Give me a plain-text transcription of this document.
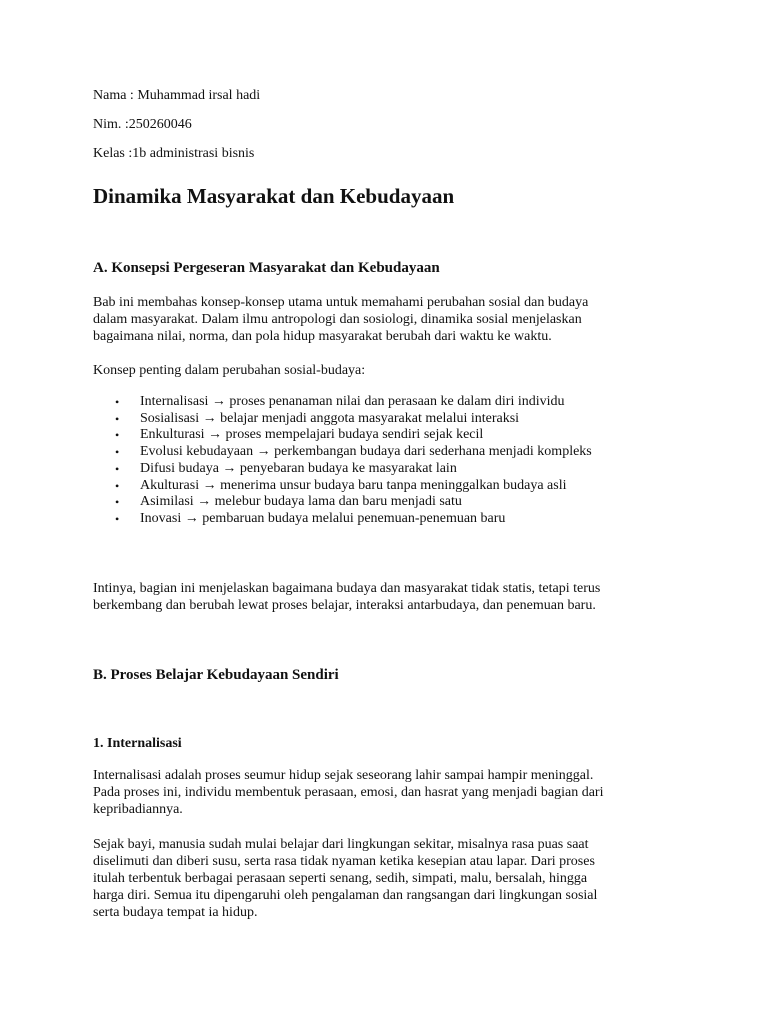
Nama : Muhammad irsal hadi

Nim. :250260046

Kelas :1b administrasi bisnis

Dinamika Masyarakat dan Kebudayaan
A. Konsepsi Pergeseran Masyarakat dan Kebudayaan

Bab ini membahas konsep-konsep utama untuk memahami perubahan sosial dan budaya
dalam masyarakat. Dalam ilmu antropologi dan sosiologi, dinamika sosial menjelaskan
bagaimana nilai, norma, dan pola hidup masyarakat berubah dari waktu ke waktu.

Konsep penting dalam perubahan sosial-budaya:

• Internalisasi → proses penanaman nilai dan perasaan ke dalam diri individu
• Sosialisasi → belajar menjadi anggota masyarakat melalui interaksi
• Enkulturasi → proses mempelajari budaya sendiri sejak kecil
• Evolusi kebudayaan → perkembangan budaya dari sederhana menjadi kompleks
• Difusi budaya → penyebaran budaya ke masyarakat lain
• Akulturasi → menerima unsur budaya baru tanpa meninggalkan budaya asli
• Asimilasi → melebur budaya lama dan baru menjadi satu
• Inovasi → pembaruan budaya melalui penemuan-penemuan baru

Intinya, bagian ini menjelaskan bagaimana budaya dan masyarakat tidak statis, tetapi terus
berkembang dan berubah lewat proses belajar, interaksi antarbudaya, dan penemuan baru.

B. Proses Belajar Kebudayaan Sendiri
1. Internalisasi

Internalisasi adalah proses seumur hidup sejak seseorang lahir sampai hampir meninggal.
Pada proses ini, individu membentuk perasaan, emosi, dan hasrat yang menjadi bagian dari
kepribadiannya.

Sejak bayi, manusia sudah mulai belajar dari lingkungan sekitar, misalnya rasa puas saat
diselimuti dan diberi susu, serta rasa tidak nyaman ketika kesepian atau lapar. Dari proses
itulah terbentuk berbagai perasaan seperti senang, sedih, simpati, malu, bersalah, hingga
harga diri. Semua itu dipengaruhi oleh pengalaman dan rangsangan dari lingkungan sosial
serta budaya tempat ia hidup.
